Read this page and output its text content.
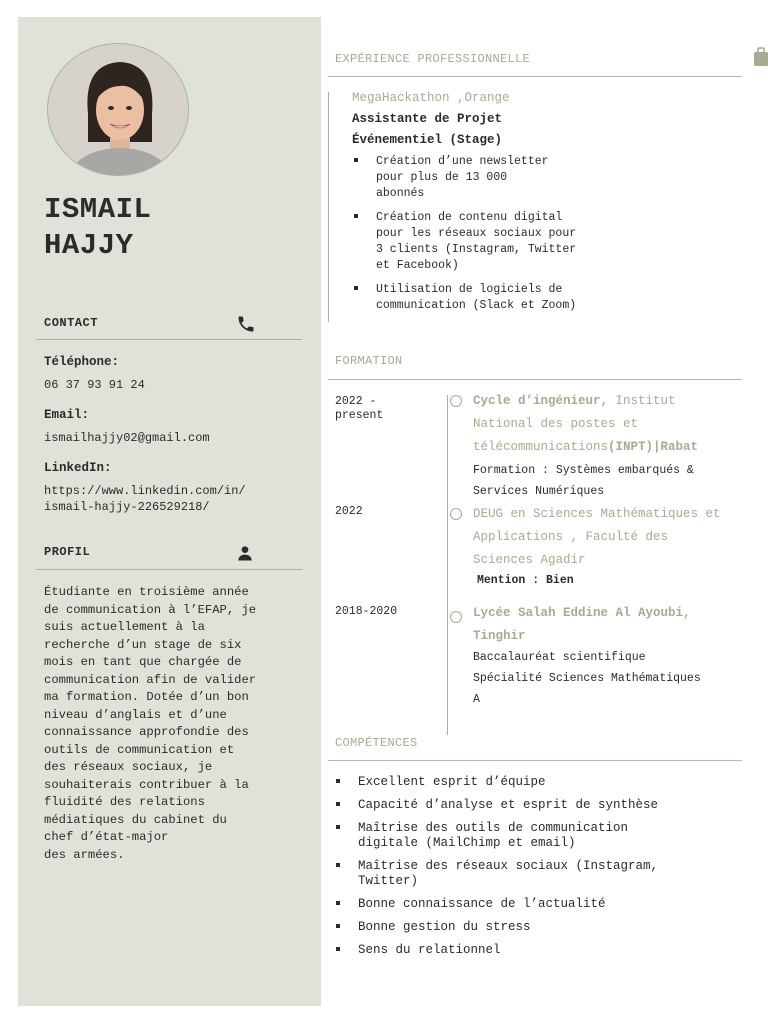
ISMAIL
HAJJY
CONTACT
Téléphone:
06 37 93 91 24
Email:
ismailhajjy02@gmail.com
LinkedIn:
https://www.linkedin.com/in/
ismail-hajjy-226529218/
PROFIL
Étudiante en troisième année
de communication à l’EFAP, je
suis actuellement à la
recherche d’un stage de six
mois en tant que chargée de
communication afin de valider
ma formation. Dotée d’un bon
niveau d’anglais et d’une
connaissance approfondie des
outils de communication et
des réseaux sociaux, je
souhaiterais contribuer à la
fluidité des relations
médiatiques du cabinet du
chef d’état-major
des armées.
EXPÉRIENCE PROFESSIONNELLE
MegaHackathon ,Orange
Assistante de Projet
Événementiel (Stage)
Création d’une newsletter
pour plus de 13 000
abonnés
Création de contenu digital
pour les réseaux sociaux pour
3 clients (Instagram, Twitter
et Facebook)
Utilisation de logiciels de
communication (Slack et Zoom)
FORMATION
2022 -
present
Cycle d’ingénieur, Institut National des postes et télécommunications(INPT)|Rabat
Formation : Systèmes embarqués & Services Numériques
2022	DEUG en Sciences Mathématiques et Applications , Faculté des Sciences Agadir
Mention : Bien
2018-2020	Lycée Salah Eddine Al Ayoubi, Tinghir
Baccalauréat scientifique Spécialité Sciences Mathématiques A
COMPÉTENCES
Excellent esprit d’équipe
Capacité d’analyse et esprit de synthèse
Maîtrise des outils de communication
digitale (MailChimp et email)
Maîtrise des réseaux sociaux (Instagram,
Twitter)
Bonne connaissance de l’actualité
Bonne gestion du stress
Sens du relationnel
